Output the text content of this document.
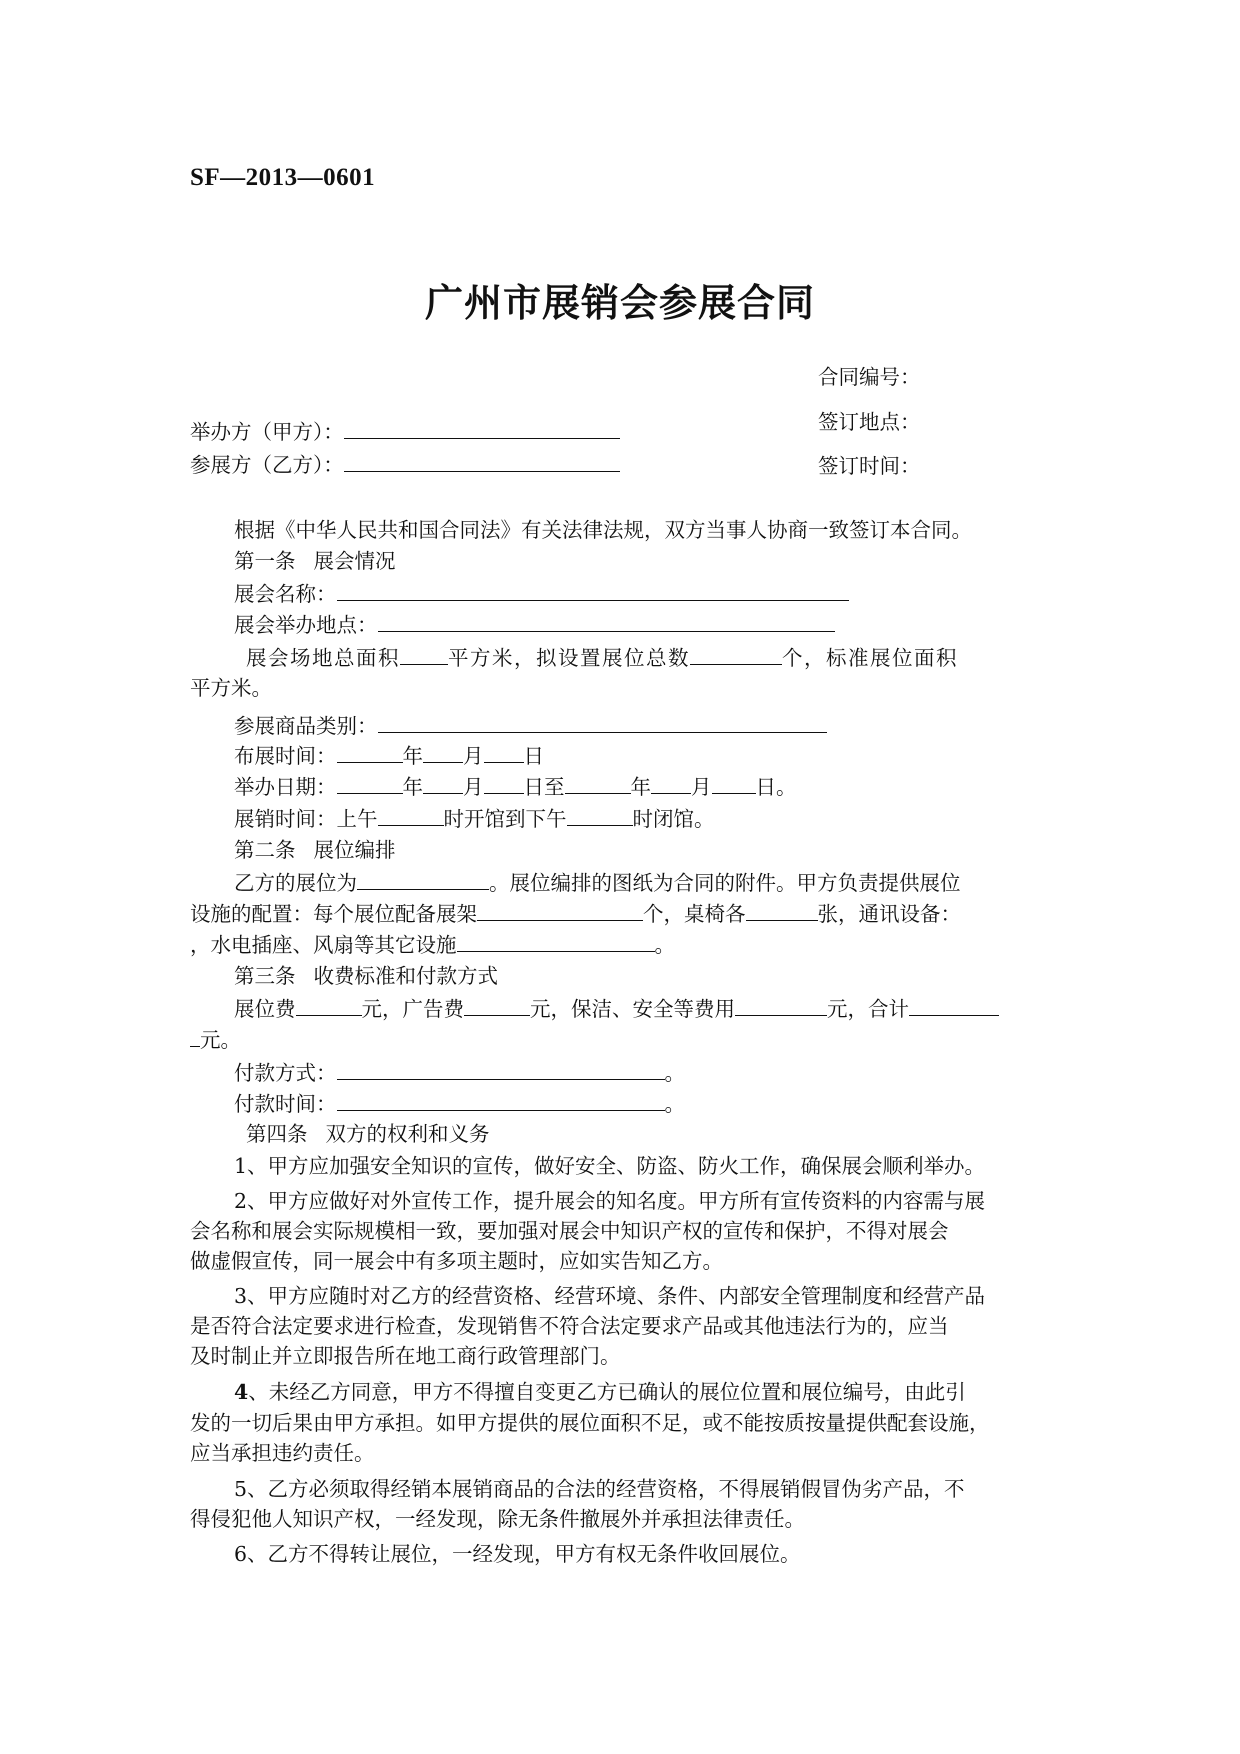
SF—2013—0601
广州市展销会参展合同
合同编号：
签订地点：
签订时间：
举办方（甲方）：
参展方（乙方）：
根据《中华人民共和国合同法》有关法律法规，双方当事人协商一致签订本合同。
第一条 展会情况
展会名称：
展会举办地点：
展会场地总面积 平方米，拟设置展位总数	个，标准展位面积
平方米。
参展商品类别：
布展时间：	年 月 日
举办日期：	年 月 日至	年 月 日。
展销时间：上午	时开馆到下午	时闭馆。
第二条 展位编排
乙方的展位为	。展位编排的图纸为合同的附件。甲方负责提供展位
设施的配置：每个展位配备展架	个，桌椅各	张，通讯设备：
，水电插座、风扇等其它设施	。
第三条 收费标准和付款方式
展位费	元，广告费	元，保洁、安全等费用	元，合计
元。
付款方式：	。
付款时间：	。
第四条 双方的权利和义务
1、甲方应加强安全知识的宣传，做好安全、防盗、防火工作，确保展会顺利举办。
2、甲方应做好对外宣传工作，提升展会的知名度。甲方所有宣传资料的内容需与展
会名称和展会实际规模相一致，要加强对展会中知识产权的宣传和保护，不得对展会
做虚假宣传，同一展会中有多项主题时，应如实告知乙方。
3、甲方应随时对乙方的经营资格、经营环境、条件、内部安全管理制度和经营产品
是否符合法定要求进行检查，发现销售不符合法定要求产品或其他违法行为的，应当
及时制止并立即报告所在地工商行政管理部门。
4、未经乙方同意，甲方不得擅自变更乙方已确认的展位位置和展位编号，由此引
发的一切后果由甲方承担。如甲方提供的展位面积不足，或不能按质按量提供配套设施，
应当承担违约责任。
5、乙方必须取得经销本展销商品的合法的经营资格，不得展销假冒伪劣产品，不
得侵犯他人知识产权，一经发现，除无条件撤展外并承担法律责任。
6、乙方不得转让展位，一经发现，甲方有权无条件收回展位。
